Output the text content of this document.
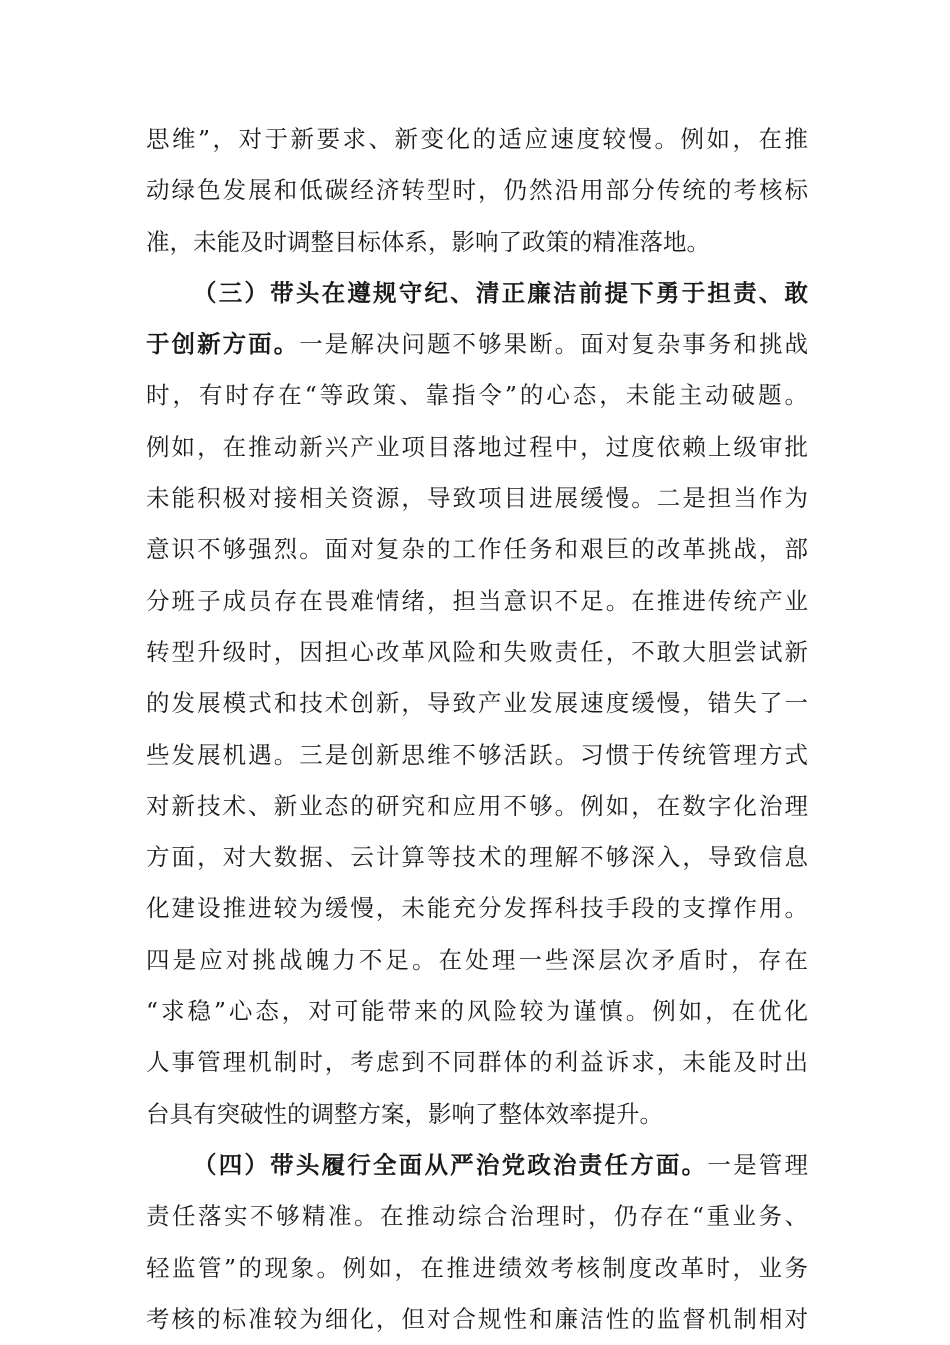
思维”，对于新要求、新变化的适应速度较慢。例如，在推
动绿色发展和低碳经济转型时，仍然沿用部分传统的考核标
准，未能及时调整目标体系，影响了政策的精准落地。
（三）带头在遵规守纪、清正廉洁前提下勇于担责、敢
于创新方面。一是解决问题不够果断。面对复杂事务和挑战
时，有时存在“等政策、靠指令”的心态，未能主动破题。
例如，在推动新兴产业项目落地过程中，过度依赖上级审批
未能积极对接相关资源，导致项目进展缓慢。二是担当作为
意识不够强烈。面对复杂的工作任务和艰巨的改革挑战，部
分班子成员存在畏难情绪，担当意识不足。在推进传统产业
转型升级时，因担心改革风险和失败责任，不敢大胆尝试新
的发展模式和技术创新，导致产业发展速度缓慢，错失了一
些发展机遇。三是创新思维不够活跃。习惯于传统管理方式
对新技术、新业态的研究和应用不够。例如，在数字化治理
方面，对大数据、云计算等技术的理解不够深入，导致信息
化建设推进较为缓慢，未能充分发挥科技手段的支撑作用。
四是应对挑战魄力不足。在处理一些深层次矛盾时，存在
“求稳”心态，对可能带来的风险较为谨慎。例如，在优化
人事管理机制时，考虑到不同群体的利益诉求，未能及时出
台具有突破性的调整方案，影响了整体效率提升。
（四）带头履行全面从严治党政治责任方面。一是管理
责任落实不够精准。在推动综合治理时，仍存在“重业务、
轻监管”的现象。例如，在推进绩效考核制度改革时，业务
考核的标准较为细化，但对合规性和廉洁性的监督机制相对
